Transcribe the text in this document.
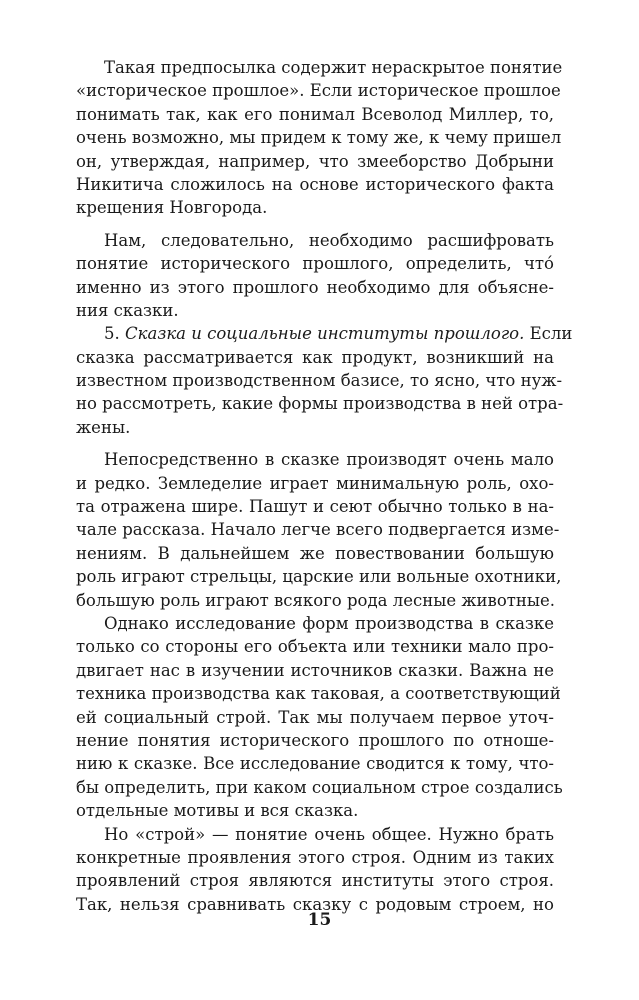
Такая предпосылка содержит нераскрытое понятие
«историческое прошлое». Если историческое прошлое
понимать так, как его понимал Всеволод Миллер, то,
очень возможно, мы придем к тому же, к чему пришел
он, утверждая, например, что змееборство Добрыни
Никитича сложилось на основе исторического факта
крещения Новгорода.
Нам, следовательно, необходимо расшифровать
понятие исторического прошлого, определить, что́
именно из этого прошлого необходимо для объясне-
ния сказки.
5. Сказка и социальные институты прошлого. Если
сказка рассматривается как продукт, возникший на
известном производственном базисе, то ясно, что нуж-
но рассмотреть, какие формы производства в ней отра-
жены.
Непосредственно в сказке производят очень мало
и редко. Земледелие играет минимальную роль, охо-
та отражена шире. Пашут и сеют обычно только в на-
чале рассказа. Начало легче всего подвергается изме-
нениям. В дальнейшем же повествовании большую
роль играют стрельцы, царские или вольные охотники,
большую роль играют всякого рода лесные животные.
Однако исследование форм производства в сказке
только со стороны его объекта или техники мало про-
двигает нас в изучении источников сказки. Важна не
техника производства как таковая, а соответствующий
ей социальный строй. Так мы получаем первое уточ-
нение понятия исторического прошлого по отноше-
нию к сказке. Все исследование сводится к тому, что-
бы определить, при каком социальном строе создались
отдельные мотивы и вся сказка.
Но «строй» — понятие очень общее. Нужно брать
конкретные проявления этого строя. Одним из таких
проявлений строя являются институты этого строя.
Так, нельзя сравнивать сказку с родовым строем, но
15
